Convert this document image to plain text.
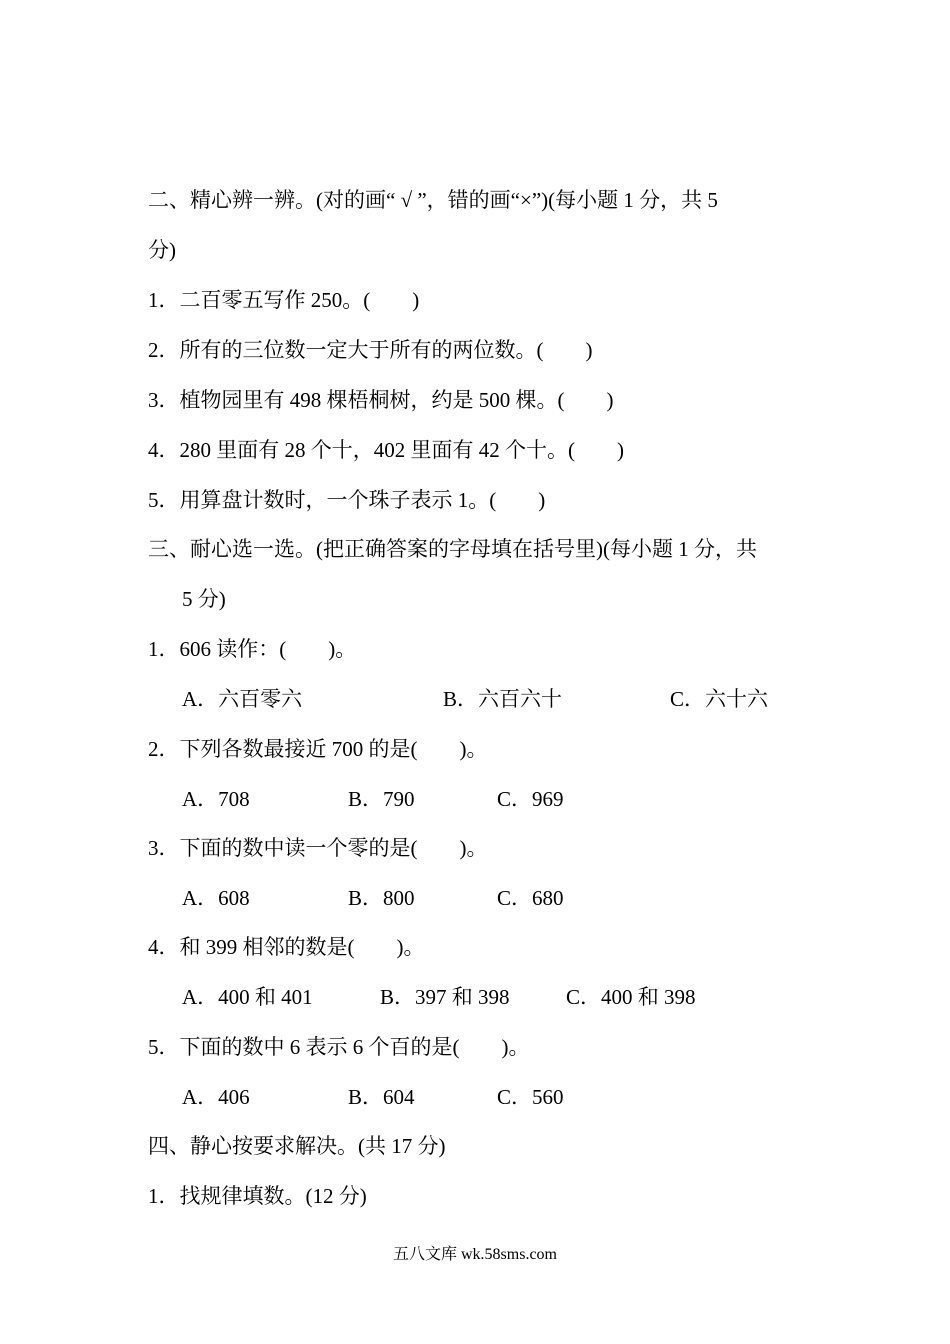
二、精心辨一辨。(对的画“ √ ”，错的画“×”)(每小题 1 分，共 5
分)
1．二百零五写作 250。(　　)
2．所有的三位数一定大于所有的两位数。(　　)
3．植物园里有 498 棵梧桐树，约是 500 棵。(　　)
4．280 里面有 28 个十，402 里面有 42 个十。(　　)
5．用算盘计数时，一个珠子表示 1。(　　)
三、耐心选一选。(把正确答案的字母填在括号里)(每小题 1 分，共
5 分)
1．606 读作：(　　)。
A．六百零六	B．六百六十	C．六十六
2．下列各数最接近 700 的是(　　)。
A．708	B．790	C．969
3．下面的数中读一个零的是(　　)。
A．608	B．800	C．680
4．和 399 相邻的数是(　　)。
A．400 和 401	B．397 和 398	C．400 和 398
5．下面的数中 6 表示 6 个百的是(　　)。
A．406	B．604	C．560
四、静心按要求解决。(共 17 分)
1．找规律填数。(12 分)
五八文库 wk.58sms.com
